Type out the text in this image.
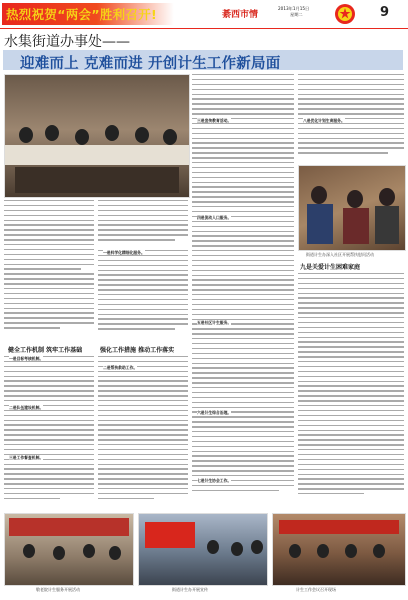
热烈祝贺“两会”胜利召开!	綦西市情
2013年1月15日
星期二	9
水集街道办事处——
迎难而上 克难而进 开创计生工作新局面
健全工作机制 筑牢工作基础
一是目标考核机制。
二是队伍建设机制。
三是工作督查机制。
一是科学化精细化服务。
强化工作措施 推动工作落实
二是帮扶救助工作。
三是宣传教育活动。
四是流动人口服务。
五是社区计生服务。
六是计生综合治理。
七是计生协会工作。
八是优化计划生育服务。
街道计生办深入社区开展帮扶慰问活动
九是关爱计生困难家庭
敬老院计生服务开展活动	街道计生办开展宣传	计生工作会议召开现场
